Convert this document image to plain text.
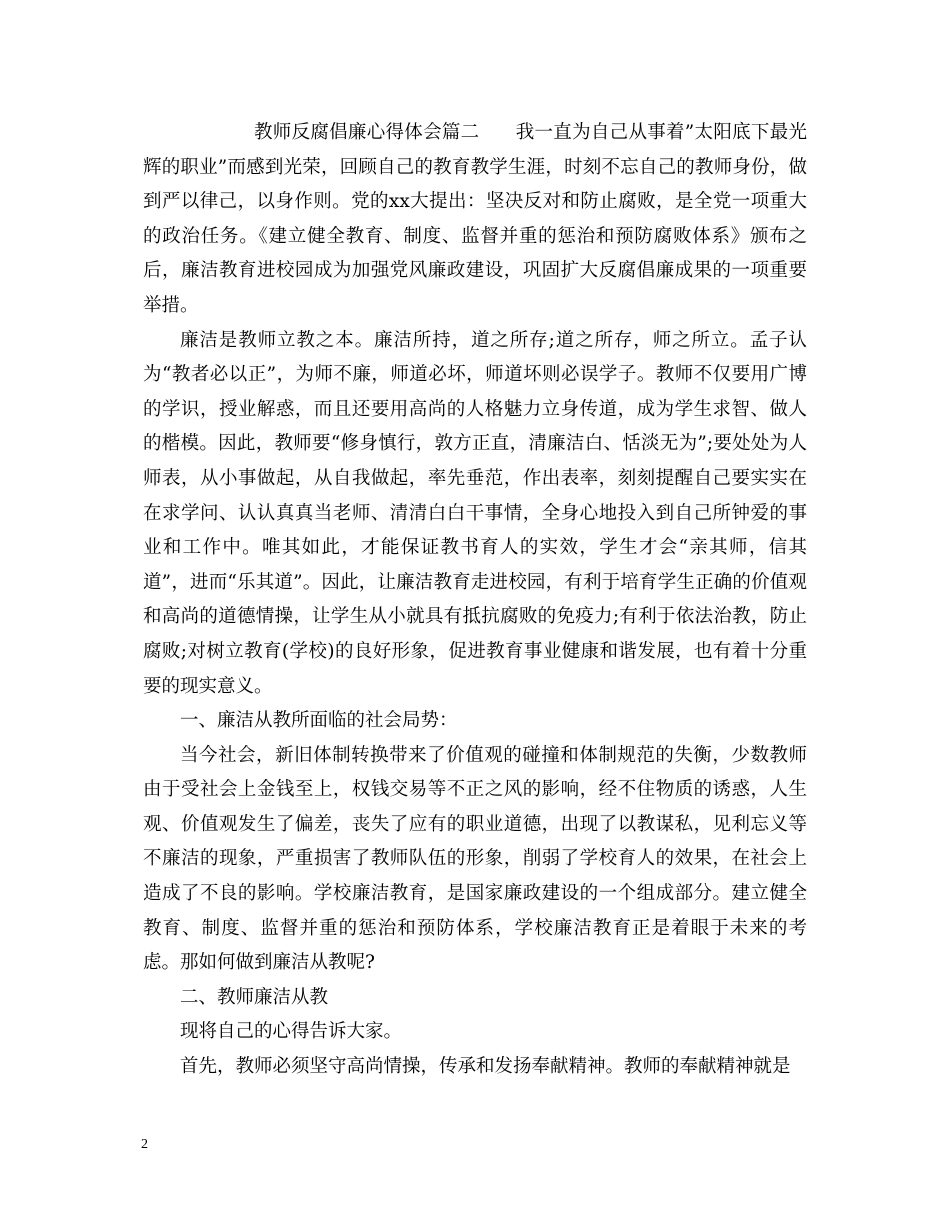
教师反腐倡廉心得体会篇二 我一直为自己从事着”太阳底下最光辉的职业”而感到光荣，回顾自己的教育教学生涯，时刻不忘自己的教师身份，做到严以律己，以身作则。党的xx大提出：坚决反对和防止腐败，是全党一项重大的政治任务。《建立健全教育、制度、监督并重的惩治和预防腐败体系》颁布之后，廉洁教育进校园成为加强党风廉政建设，巩固扩大反腐倡廉成果的一项重要举措。

廉洁是教师立教之本。廉洁所持，道之所存;道之所存，师之所立。孟子认为“教者必以正”，为师不廉，师道必坏，师道坏则必误学子。教师不仅要用广博的学识，授业解惑，而且还要用高尚的人格魅力立身传道，成为学生求智、做人的楷模。因此，教师要“修身慎行，敦方正直，清廉洁白、恬淡无为”;要处处为人师表，从小事做起，从自我做起，率先垂范，作出表率，刻刻提醒自己要实实在在求学问、认认真真当老师、清清白白干事情，全身心地投入到自己所钟爱的事业和工作中。唯其如此，才能保证教书育人的实效，学生才会“亲其师，信其道”，进而“乐其道”。因此，让廉洁教育走进校园，有利于培育学生正确的价值观和高尚的道德情操，让学生从小就具有抵抗腐败的免疫力;有利于依法治教，防止腐败;对树立教育(学校)的良好形象，促进教育事业健康和谐发展，也有着十分重要的现实意义。

一、廉洁从教所面临的社会局势：

当今社会，新旧体制转换带来了价值观的碰撞和体制规范的失衡，少数教师由于受社会上金钱至上，权钱交易等不正之风的影响，经不住物质的诱惑，人生观、价值观发生了偏差，丧失了应有的职业道德，出现了以教谋私，见利忘义等不廉洁的现象，严重损害了教师队伍的形象，削弱了学校育人的效果，在社会上造成了不良的影响。学校廉洁教育，是国家廉政建设的一个组成部分。建立健全教育、制度、监督并重的惩治和预防体系，学校廉洁教育正是着眼于未来的考虑。那如何做到廉洁从教呢?

二、教师廉洁从教

现将自己的心得告诉大家。

首先，教师必须坚守高尚情操，传承和发扬奉献精神。教师的奉献精神就是

2
